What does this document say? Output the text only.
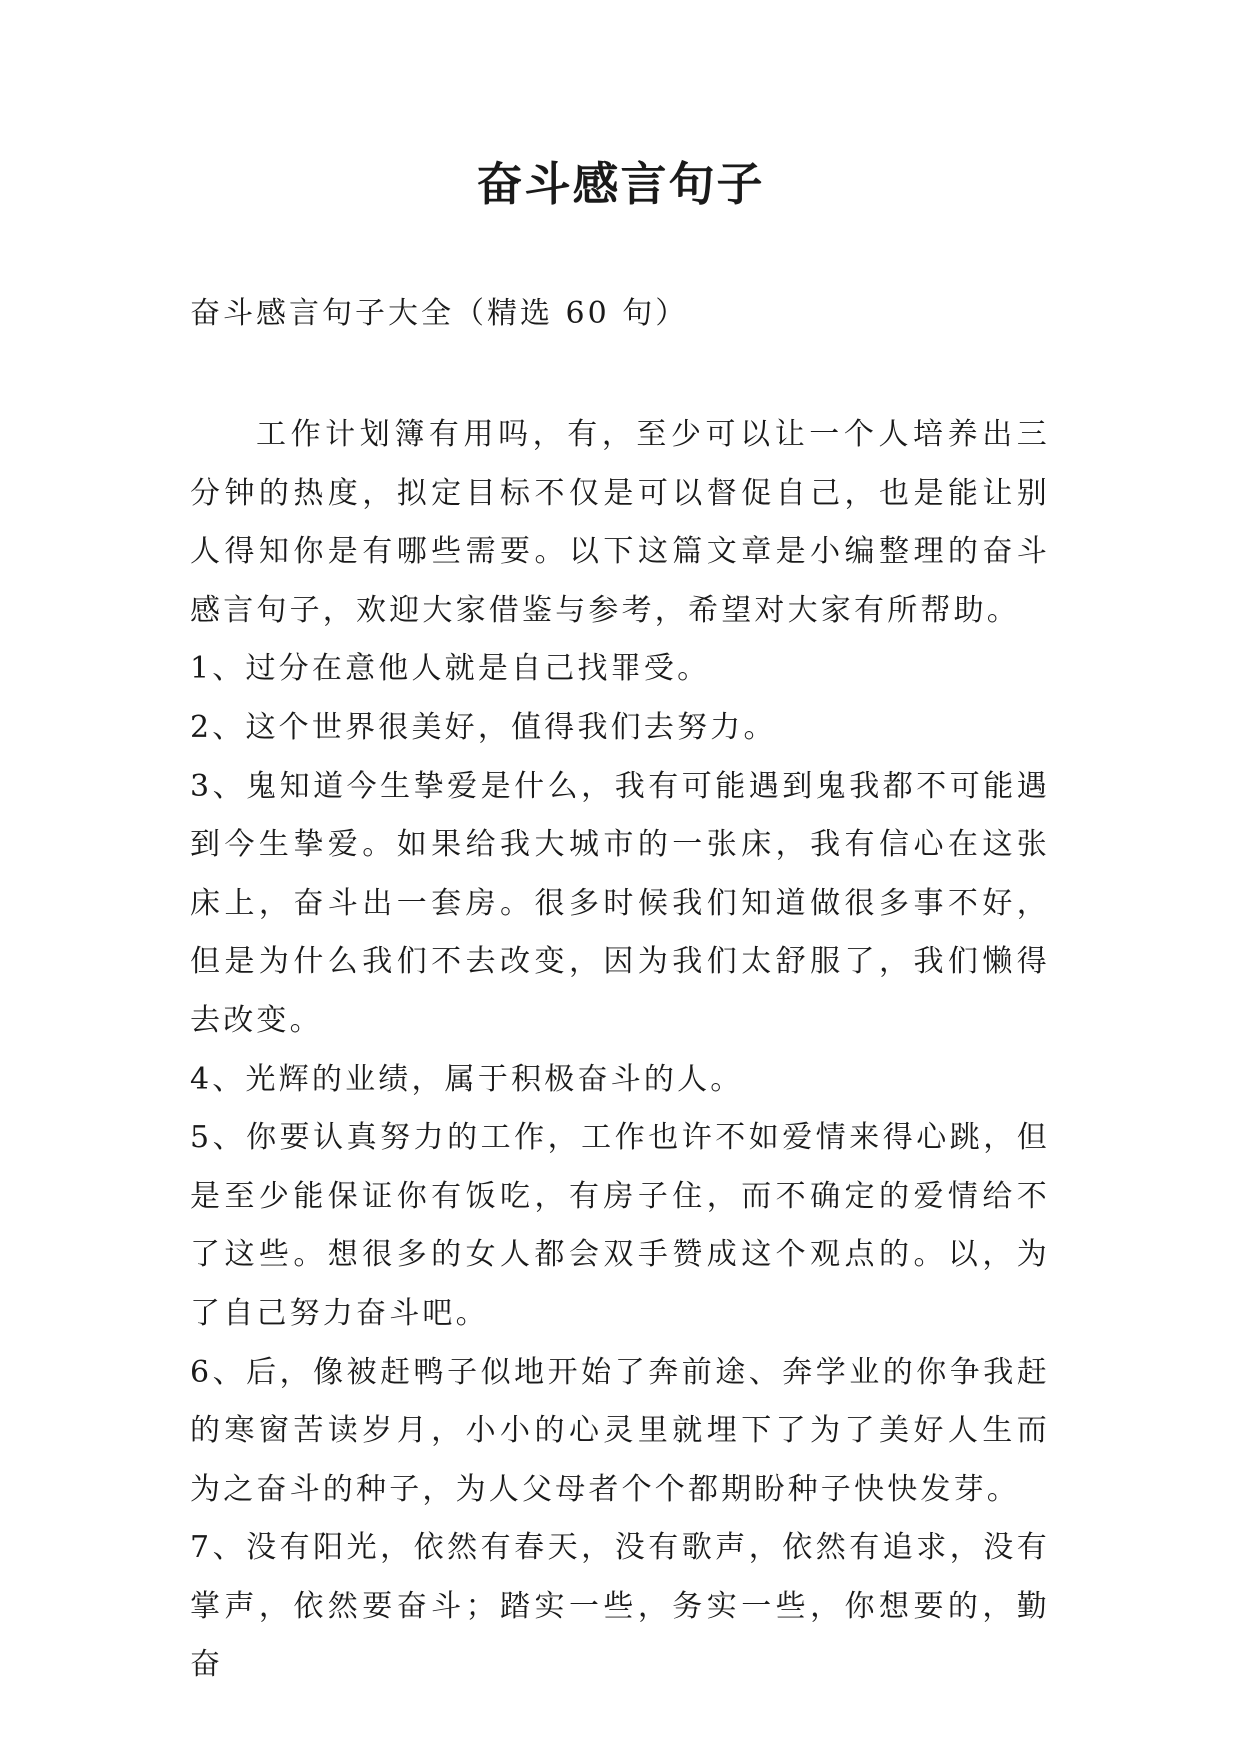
奋斗感言句子

奋斗感言句子大全（精选 60 句）

工作计划簿有用吗，有，至少可以让一个人培养出三分钟的热度，拟定目标不仅是可以督促自己，也是能让别人得知你是有哪些需要。以下这篇文章是小编整理的奋斗感言句子，欢迎大家借鉴与参考，希望对大家有所帮助。

1、过分在意他人就是自己找罪受。

2、这个世界很美好，值得我们去努力。

3、鬼知道今生挚爱是什么，我有可能遇到鬼我都不可能遇到今生挚爱。如果给我大城市的一张床，我有信心在这张床上，奋斗出一套房。很多时候我们知道做很多事不好，但是为什么我们不去改变，因为我们太舒服了，我们懒得去改变。

4、光辉的业绩，属于积极奋斗的人。

5、你要认真努力的工作，工作也许不如爱情来得心跳，但是至少能保证你有饭吃，有房子住，而不确定的爱情给不了这些。想很多的女人都会双手赞成这个观点的。以，为了自己努力奋斗吧。

6、后，像被赶鸭子似地开始了奔前途、奔学业的你争我赶的寒窗苦读岁月，小小的心灵里就埋下了为了美好人生而为之奋斗的种子，为人父母者个个都期盼种子快快发芽。

7、没有阳光，依然有春天，没有歌声，依然有追求，没有掌声，依然要奋斗；踏实一些，务实一些，你想要的，勤奋
